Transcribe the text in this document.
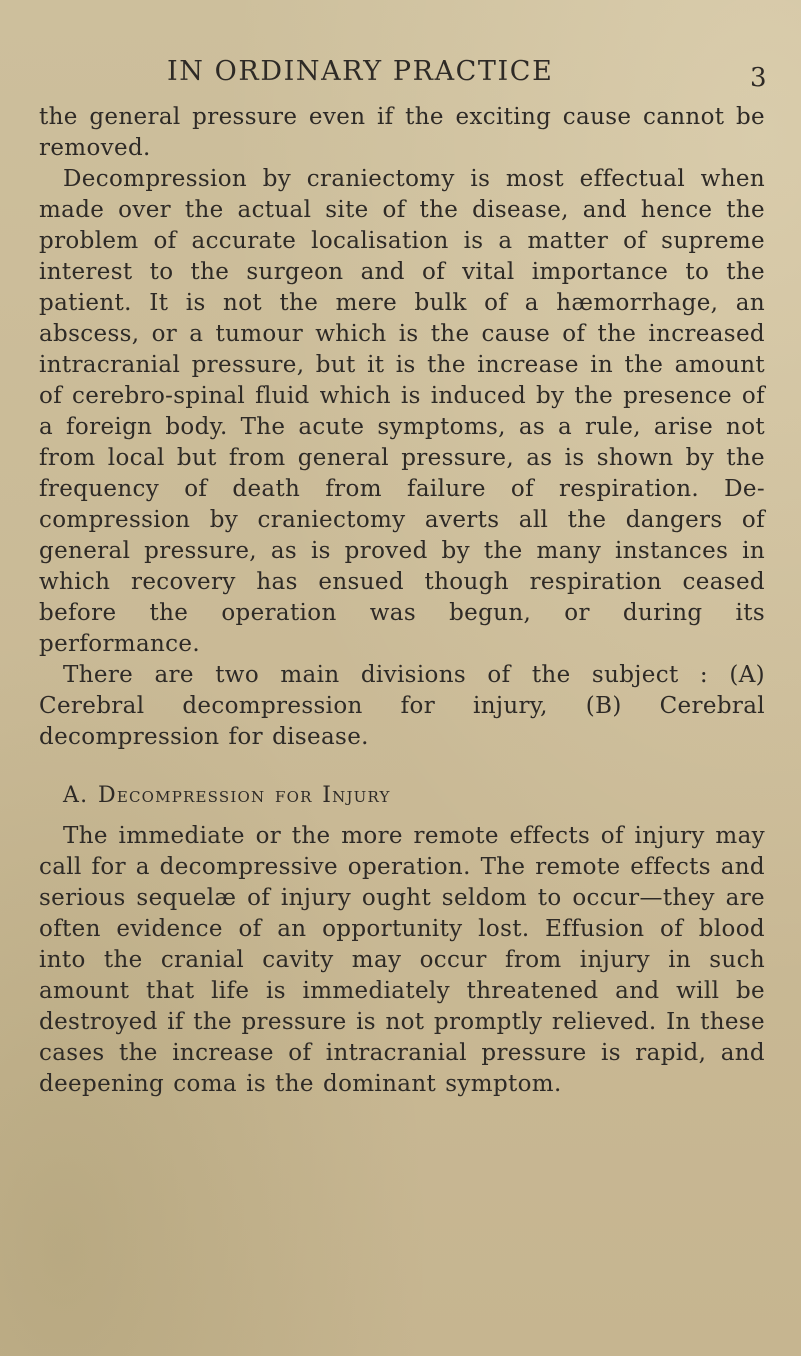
IN ORDINARY PRACTICE	3

the general pressure even if the exciting cause cannot be removed.

Decompression by craniectomy is most effectual when made over the actual site of the disease, and hence the problem of accurate localisation is a matter of supreme interest to the surgeon and of vital importance to the patient. It is not the mere bulk of a hæmorrhage, an abscess, or a tumour which is the cause of the increased intracranial pressure, but it is the increase in the amount of cerebro-spinal fluid which is induced by the presence of a foreign body. The acute symptoms, as a rule, arise not from local but from general pressure, as is shown by the frequency of death from failure of respiration. De- compression by craniectomy averts all the dangers of general pressure, as is proved by the many instances in which recovery has ensued though respiration ceased before the operation was begun, or during its performance.

There are two main divisions of the subject : (A) Cerebral decompression for injury, (B) Cerebral decompression for disease.

A. Decompression for Injury

The immediate or the more remote effects of injury may call for a decompressive operation. The remote effects and serious sequelæ of injury ought seldom to occur—they are often evidence of an opportunity lost. Effusion of blood into the cranial cavity may occur from injury in such amount that life is immediately threatened and will be destroyed if the pressure is not promptly relieved. In these cases the increase of intracranial pressure is rapid, and deepening coma is the dominant symptom.
